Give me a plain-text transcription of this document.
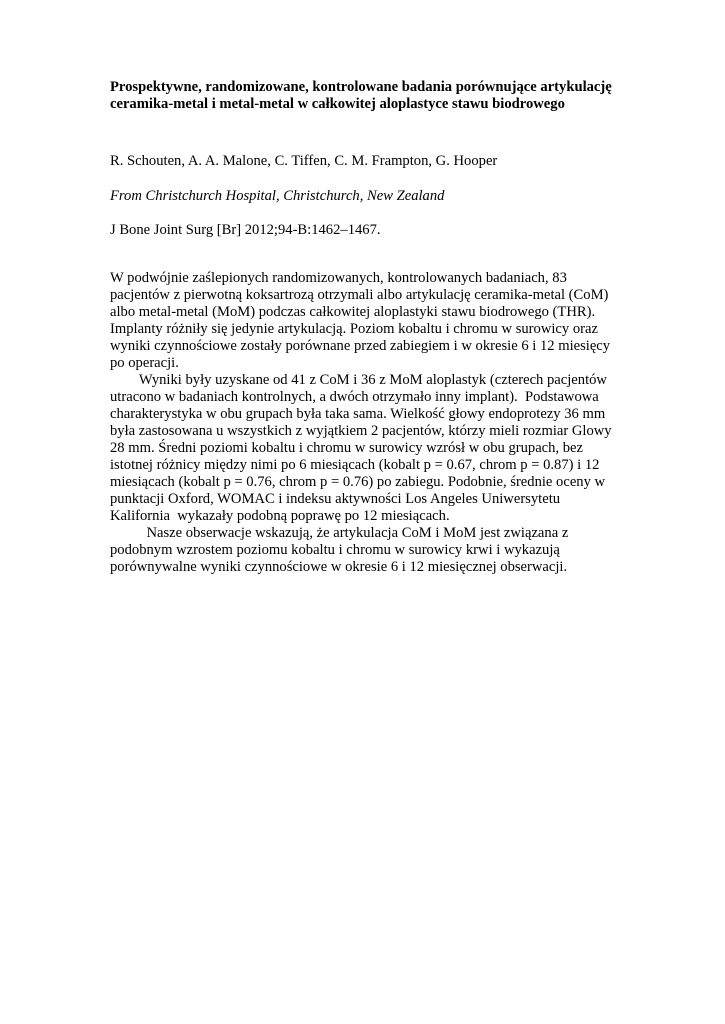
Prospektywne, randomizowane, kontrolowane badania porównujące artykulację
ceramika-metal i metal-metal w całkowitej aloplastyce stawu biodrowego

R. Schouten, A. A. Malone, C. Tiffen, C. M. Frampton, G. Hooper

From Christchurch Hospital, Christchurch, New Zealand

J Bone Joint Surg [Br] 2012;94-B:1462–1467.

W podwójnie zaślepionych randomizowanych, kontrolowanych badaniach, 83
pacjentów z pierwotną koksartrozą otrzymali albo artykulację ceramika-metal (CoM)
albo metal-metal (MoM) podczas całkowitej aloplastyki stawu biodrowego (THR).
Implanty różniły się jedynie artykulacją. Poziom kobaltu i chromu w surowicy oraz
wyniki czynnościowe zostały porównane przed zabiegiem i w okresie 6 i 12 miesięcy
po operacji.
Wyniki były uzyskane od 41 z CoM i 36 z MoM aloplastyk (czterech pacjentów
utracono w badaniach kontrolnych, a dwóch otrzymało inny implant).  Podstawowa
charakterystyka w obu grupach była taka sama. Wielkość głowy endoprotezy 36 mm
była zastosowana u wszystkich z wyjątkiem 2 pacjentów, którzy mieli rozmiar Glowy
28 mm. Średni poziomi kobaltu i chromu w surowicy wzrósł w obu grupach, bez
istotnej różnicy między nimi po 6 miesiącach (kobalt p = 0.67, chrom p = 0.87) i 12
miesiącach (kobalt p = 0.76, chrom p = 0.76) po zabiegu. Podobnie, średnie oceny w
punktacji Oxford, WOMAC i indeksu aktywności Los Angeles Uniwersytetu
Kalifornia  wykazały podobną poprawę po 12 miesiącach.
Nasze obserwacje wskazują, że artykulacja CoM i MoM jest związana z
podobnym wzrostem poziomu kobaltu i chromu w surowicy krwi i wykazują
porównywalne wyniki czynnościowe w okresie 6 i 12 miesięcznej obserwacji.
